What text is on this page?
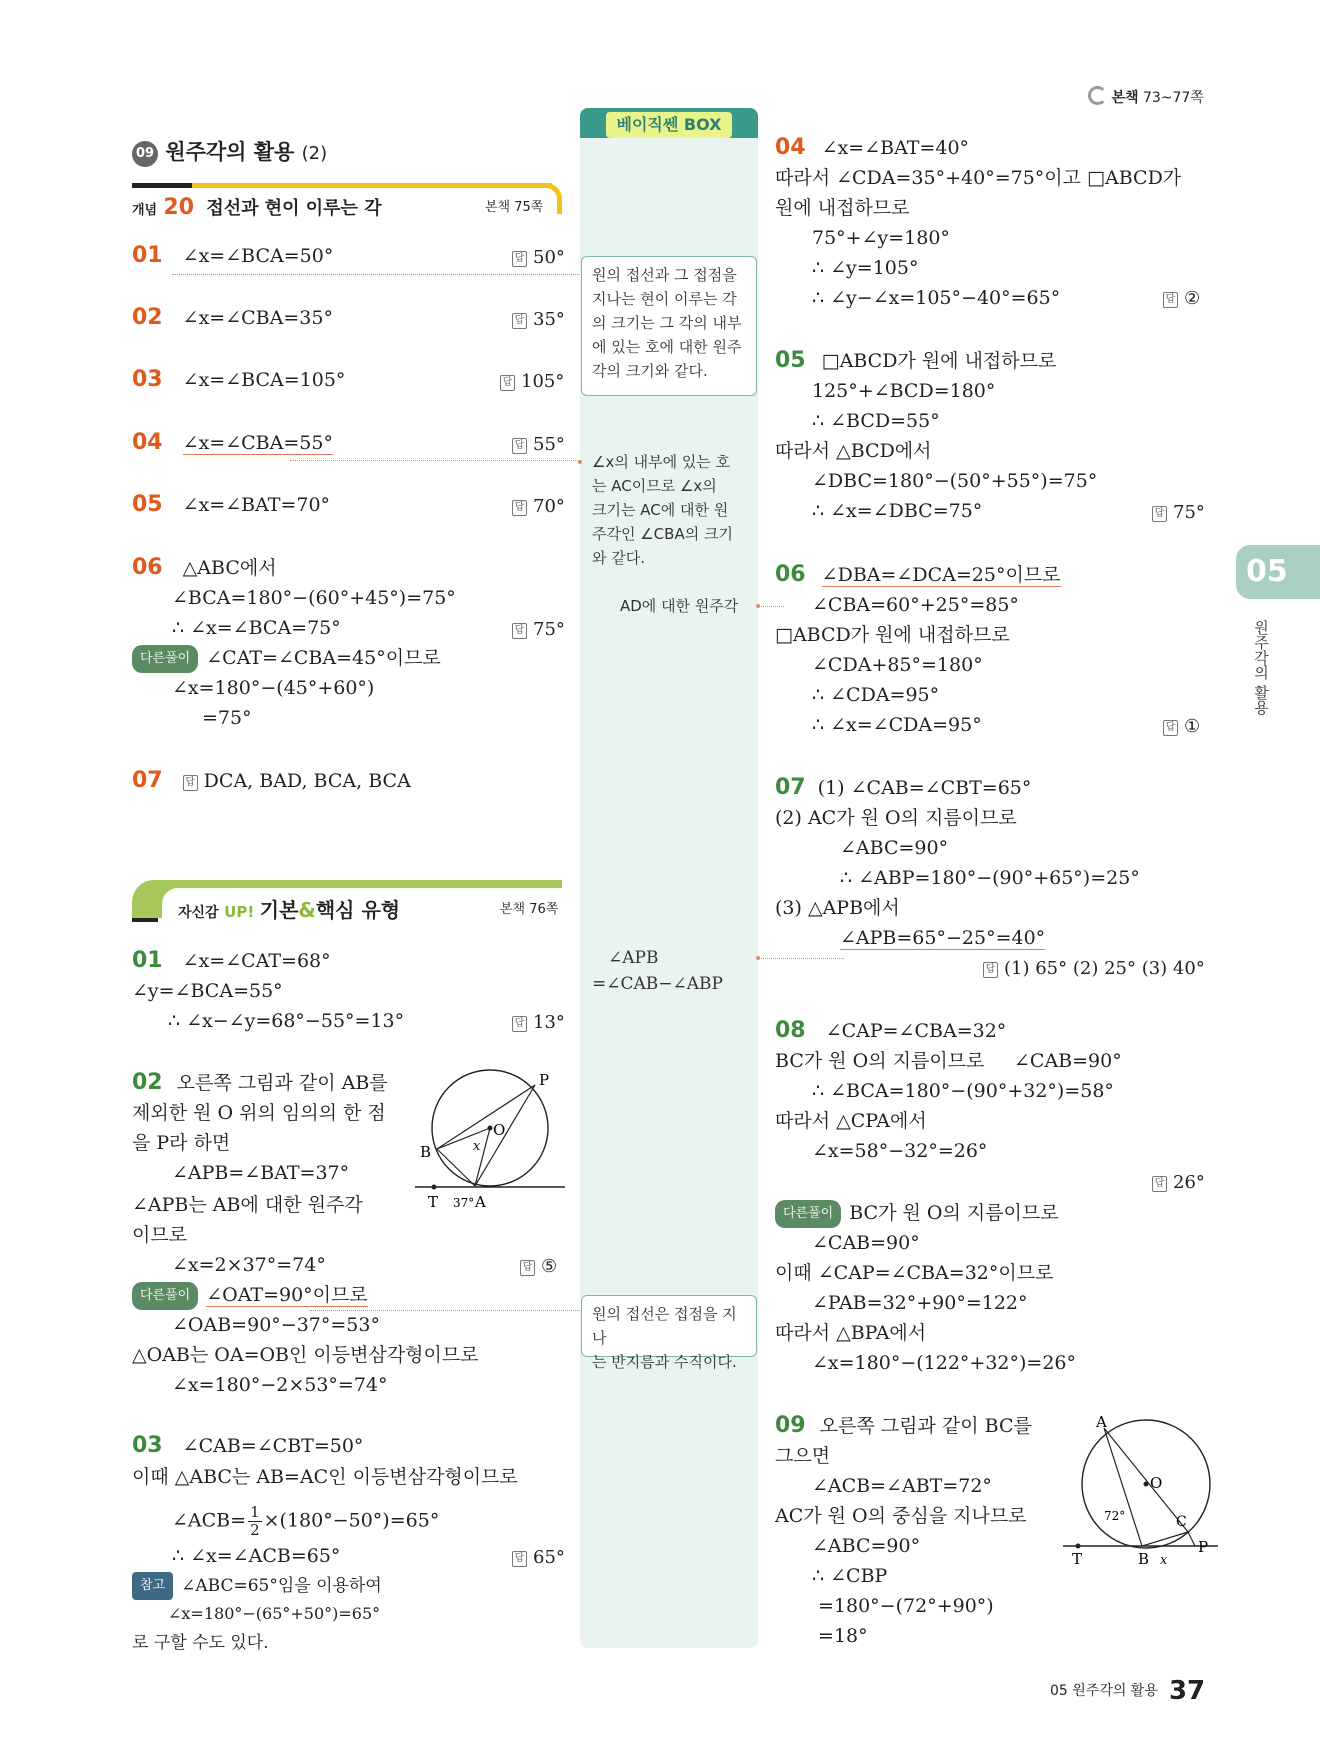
본책 73~77쪽
05
원주각의 활용
09 원주각의 활용 (2)
개념 20 접선과 현이 이루는 각	본책 75쪽
01 ∠x=∠BCA=50°	답 50°
02 ∠x=∠CBA=35°	답 35°
03 ∠x=∠BCA=105°	답 105°
04 ∠x=∠CBA=55°	답 55°
05 ∠x=∠BAT=70°	답 70°
06 △ABC에서
∠BCA=180°−(60°+45°)=75°
∴ ∠x=∠BCA=75°	답 75°
다른풀이 ∠CAT=∠CBA=45°이므로
∠x=180°−(45°+60°)
=75°
07 답 DCA, BAD, BCA, BCA
자신감 UP! 기본&핵심 유형	본책 76쪽
01 ∠x=∠CAT=68°
∠y=∠BCA=55°
∴ ∠x−∠y=68°−55°=13°	답 13°
02 오른쪽 그림과 같이 AB를
제외한 원 O 위의 임의의 한 점
을 P라 하면
∠APB=∠BAT=37°
∠APB는 AB에 대한 원주각
이므로
∠x=2×37°=74°	답 ⑤
다른풀이 ∠OAT=90°이므로
∠OAB=90°−37°=53°
△OAB는 OA=OB인 이등변삼각형이므로
∠x=180°−2×53°=74°
P
O
B	x
T A
37°
03 ∠CAB=∠CBT=50°
이때 △ABC는 AB=AC인 이등변삼각형이므로
∠ACB= $\frac{1}{2} \times(180^\circ-50^\circ)=65^\circ$
∴ ∠x=∠ACB=65°	답 65°
참고 ∠ABC=65°임을 이용하여
∠x=180°−(65°+50°)=65°
로 구할 수도 있다.
베이직쎈 BOX
원의 접선과 그 접점을
지나는 현이 이루는 각
의 크기는 그 각의 내부
에 있는 호에 대한 원주
각의 크기와 같다.
∠x의 내부에 있는 호
는 AC이므로 ∠x의
크기는 AC에 대한 원
주각인 ∠CBA의 크기
와 같다.
AD에 대한 원주각
∠APB
=∠CAB−∠ABP
원의 접선은 접점을 지나
는 반지름과 수직이다.
04 ∠x=∠BAT=40°
따라서 ∠CDA=35°+40°=75°이고 □ABCD가
원에 내접하므로
75°+∠y=180°
∴ ∠y=105°
∴ ∠y−∠x=105°−40°=65°	답 ②
05 □ABCD가 원에 내접하므로
125°+∠BCD=180°
∴ ∠BCD=55°
따라서 △BCD에서
∠DBC=180°−(50°+55°)=75°
∴ ∠x=∠DBC=75°	답 75°
06 ∠DBA=∠DCA=25°이므로
∠CBA=60°+25°=85°
□ABCD가 원에 내접하므로
∠CDA+85°=180°
∴ ∠CDA=95°
∴ ∠x=∠CDA=95°	답 ①
07 (1) ∠CAB=∠CBT=65°
(2) AC가 원 O의 지름이므로
∠ABC=90°
∴ ∠ABP=180°−(90°+65°)=25°
(3) △APB에서
∠APB=65°−25°=40°
답 (1) 65° (2) 25° (3) 40°
08 ∠CAP=∠CBA=32°
BC가 원 O의 지름이므로 ∠CAB=90°
∴ ∠BCA=180°−(90°+32°)=58°
따라서 △CPA에서
∠x=58°−32°=26°
답 26°
다른풀이 BC가 원 O의 지름이므로
∠CAB=90°
이때 ∠CAP=∠CBA=32°이므로
∠PAB=32°+90°=122°
따라서 △BPA에서
∠x=180°−(122°+32°)=26°
09 오른쪽 그림과 같이 BC를
그으면
∠ACB=∠ABT=72°
AC가 원 O의 중심을 지나므로
∠ABC=90°
∴ ∠CBP
=180°−(72°+90°)
=18°
A
O
C
T	B x
P
72°
05 원주각의 활용 37
